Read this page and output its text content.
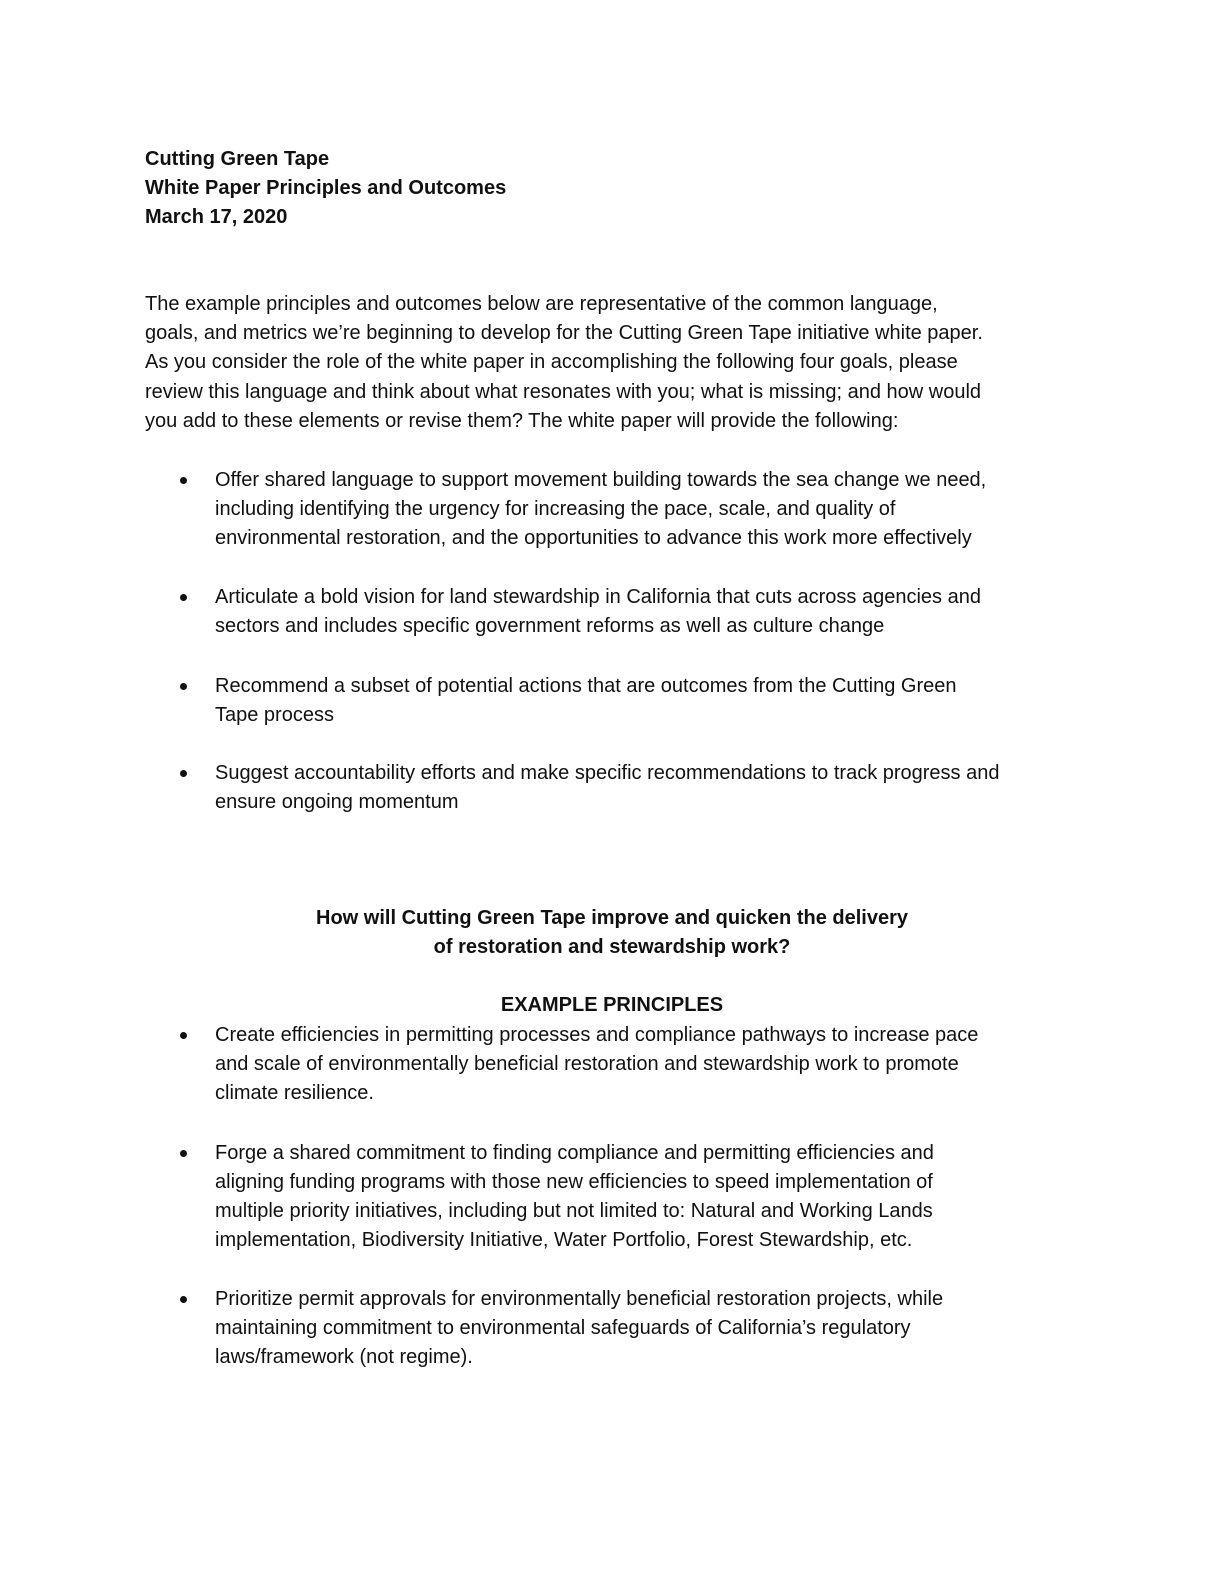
Cutting Green Tape
White Paper Principles and Outcomes
March 17, 2020

The example principles and outcomes below are representative of the common language,

goals, and metrics we’re beginning to develop for the Cutting Green Tape initiative white paper.

As you consider the role of the white paper in accomplishing the following four goals, please

review this language and think about what resonates with you; what is missing; and how would

you add to these elements or revise them? The white paper will provide the following:

Offer shared language to support movement building towards the sea change we need,
including identifying the urgency for increasing the pace, scale, and quality of
environmental restoration, and the opportunities to advance this work more effectively
Articulate a bold vision for land stewardship in California that cuts across agencies and
sectors and includes specific government reforms as well as culture change
Recommend a subset of potential actions that are outcomes from the Cutting Green
Tape process
Suggest accountability efforts and make specific recommendations to track progress and
ensure ongoing momentum
How will Cutting Green Tape improve and quicken the delivery
of restoration and stewardship work?
EXAMPLE PRINCIPLES
Create efficiencies in permitting processes and compliance pathways to increase pace
and scale of environmentally beneficial restoration and stewardship work to promote
climate resilience.
Forge a shared commitment to finding compliance and permitting efficiencies and
aligning funding programs with those new efficiencies to speed implementation of
multiple priority initiatives, including but not limited to: Natural and Working Lands
implementation, Biodiversity Initiative, Water Portfolio, Forest Stewardship, etc.
Prioritize permit approvals for environmentally beneficial restoration projects, while
maintaining commitment to environmental safeguards of California’s regulatory
laws/framework (not regime).
